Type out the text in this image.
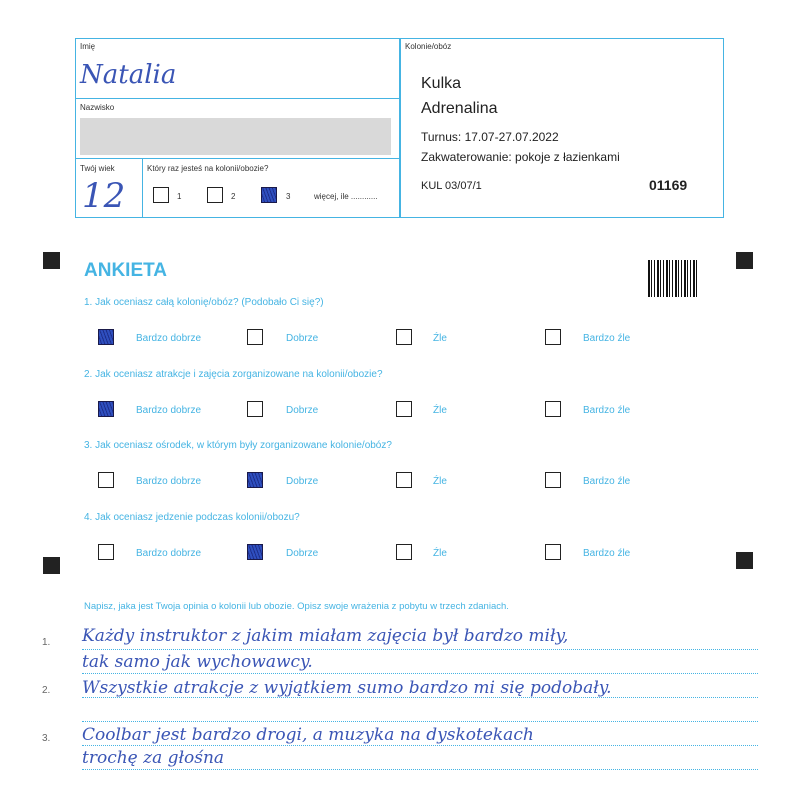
Imię
Natalia
Nazwisko
Twój wiek
12
Który raz jesteś na kolonii/obozie?
1	2	3	więcej, ile ............
Kolonie/obóz
Kulka
Adrenalina
Turnus: 17.07-27.07.2022
Zakwaterowanie: pokoje z łazienkami
KUL 03/07/1	01169
ANKIETA
1. Jak oceniasz całą kolonię/obóz? (Podobało Ci się?)
Bardzo dobrze	Dobrze	Źle	Bardzo źle
2. Jak oceniasz atrakcje i zajęcia zorganizowane na kolonii/obozie?
Bardzo dobrze	Dobrze	Źle	Bardzo źle
3. Jak oceniasz ośrodek, w którym były zorganizowane kolonie/obóz?
Bardzo dobrze	Dobrze	Źle	Bardzo źle
4. Jak oceniasz jedzenie podczas kolonii/obozu?
Bardzo dobrze	Dobrze	Źle	Bardzo źle
Napisz, jaka jest Twoja opinia o kolonii lub obozie. Opisz swoje wrażenia z pobytu w trzech zdaniach.
1.
2.
3.
Każdy instruktor z jakim miałam zajęcia był bardzo miły,
tak samo jak wychowawcy.
Wszystkie atrakcje z wyjątkiem sumo bardzo mi się podobały.
Coolbar jest bardzo drogi, a muzyka na dyskotekach
trochę za głośna
